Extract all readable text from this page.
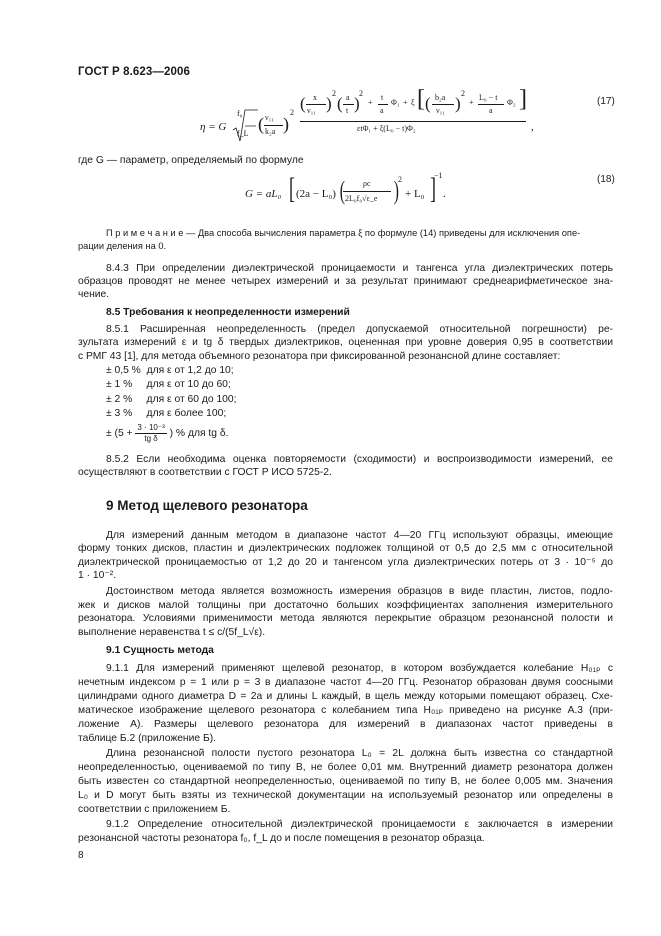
ГОСТ Р 8.623—2006
(17)
η = G
f₀
f_L ( ν₁₁
k₂a )
2 ( x
ν₁₁ )
2
( a
t )
2
+
t
a
Φ₁ + ξ [ ( b₂a
ν₁₁ )
2
+
L₀ − t
a
Φ₂ ]
εtΦ₁ + ξ(L₀ − t)Φ₂	,
где G — параметр, определяемый по формуле
(18)
G = aL₀ [ (2a − L₀) ( ρc
2L₀f₀√ε_e ) 2
+ L₀ ]
−1
.
П р и м е ч а н и е — Два способа вычисления параметра ξ по формуле (14) приведены для исключения опе-
рации деления на 0.
8.4.3 При определении диэлектрической проницаемости и тангенса угла диэлектрических потерь
образцов проводят не менее четырех измерений и за результат принимают среднеарифметическое зна-
чение.
8.5 Требования к неопределенности измерений
8.5.1 Расширенная неопределенность (предел допускаемой относительной погрешности) ре-
зультата измерений ε и tg δ твердых диэлектриков, оцененная при уровне доверия 0,95 в соответствии
с РМГ 43 [1], для метода объемного резонатора при фиксированной резонансной длине составляет:
± 0,5 %  для ε от 1,2 до 10;
± 1 %     для ε от 10 до 60;
± 2 %     для ε от 60 до 100;
± 3 %     для ε более 100;
± ($5 + \frac{\text{3 · 10⁻³}}{\text{tg δ}}$ ) % для tg δ.
8.5.2 Если необходима оценка повторяемости (сходимости) и воспроизводимости измерений, ее
осуществляют в соответствии с ГОСТ Р ИСО 5725-2.
9 Метод щелевого резонатора
Для измерений данным методом в диапазоне частот 4—20 ГГц используют образцы, имеющие
форму тонких дисков, пластин и диэлектрических подложек толщиной от 0,5 до 2,5 мм с относительной
диэлектрической проницаемостью от 1,2 до 20 и тангенсом угла диэлектрических потерь от 3 · 10⁻⁵ до
1 · 10⁻².
Достоинством метода является возможность измерения образцов в виде пластин, листов, подло-
жек и дисков малой толщины при достаточно больших коэффициентах заполнения измерительного
резонатора. Условиями применимости метода являются перекрытие образцом резонансной полости и
выполнение неравенства t ≤ c/(5f_L√ε).
9.1 Сущность метода
9.1.1 Для измерений применяют щелевой резонатор, в котором возбуждается колебание H₀₁ₚ с
нечетным индексом p = 1 или p = 3 в диапазоне частот 4—20 ГГц. Резонатор образован двумя соосными
цилиндрами одного диаметра D = 2a и длины L каждый, в щель между которыми помещают образец. Схе-
матическое изображение щелевого резонатора с колебанием типа H₀₁ₚ приведено на рисунке А.3 (при-
ложение А). Размеры щелевого резонатора для измерений в диапазонах частот приведены в
таблице Б.2 (приложение Б).
Длина резонансной полости пустого резонатора L₀ = 2L должна быть известна со стандартной
неопределенностью, оцениваемой по типу В, не более 0,01 мм. Внутренний диаметр резонатора должен
быть известен со стандартной неопределенностью, оцениваемой по типу В, не более 0,005 мм. Значения
L₀ и D могут быть взяты из технической документации на используемый резонатор или определены в
соответствии с приложением Б.
9.1.2 Определение относительной диэлектрической проницаемости ε заключается в измерении
резонансной частоты резонатора f₀, f_L до и после помещения в резонатор образца.
8
